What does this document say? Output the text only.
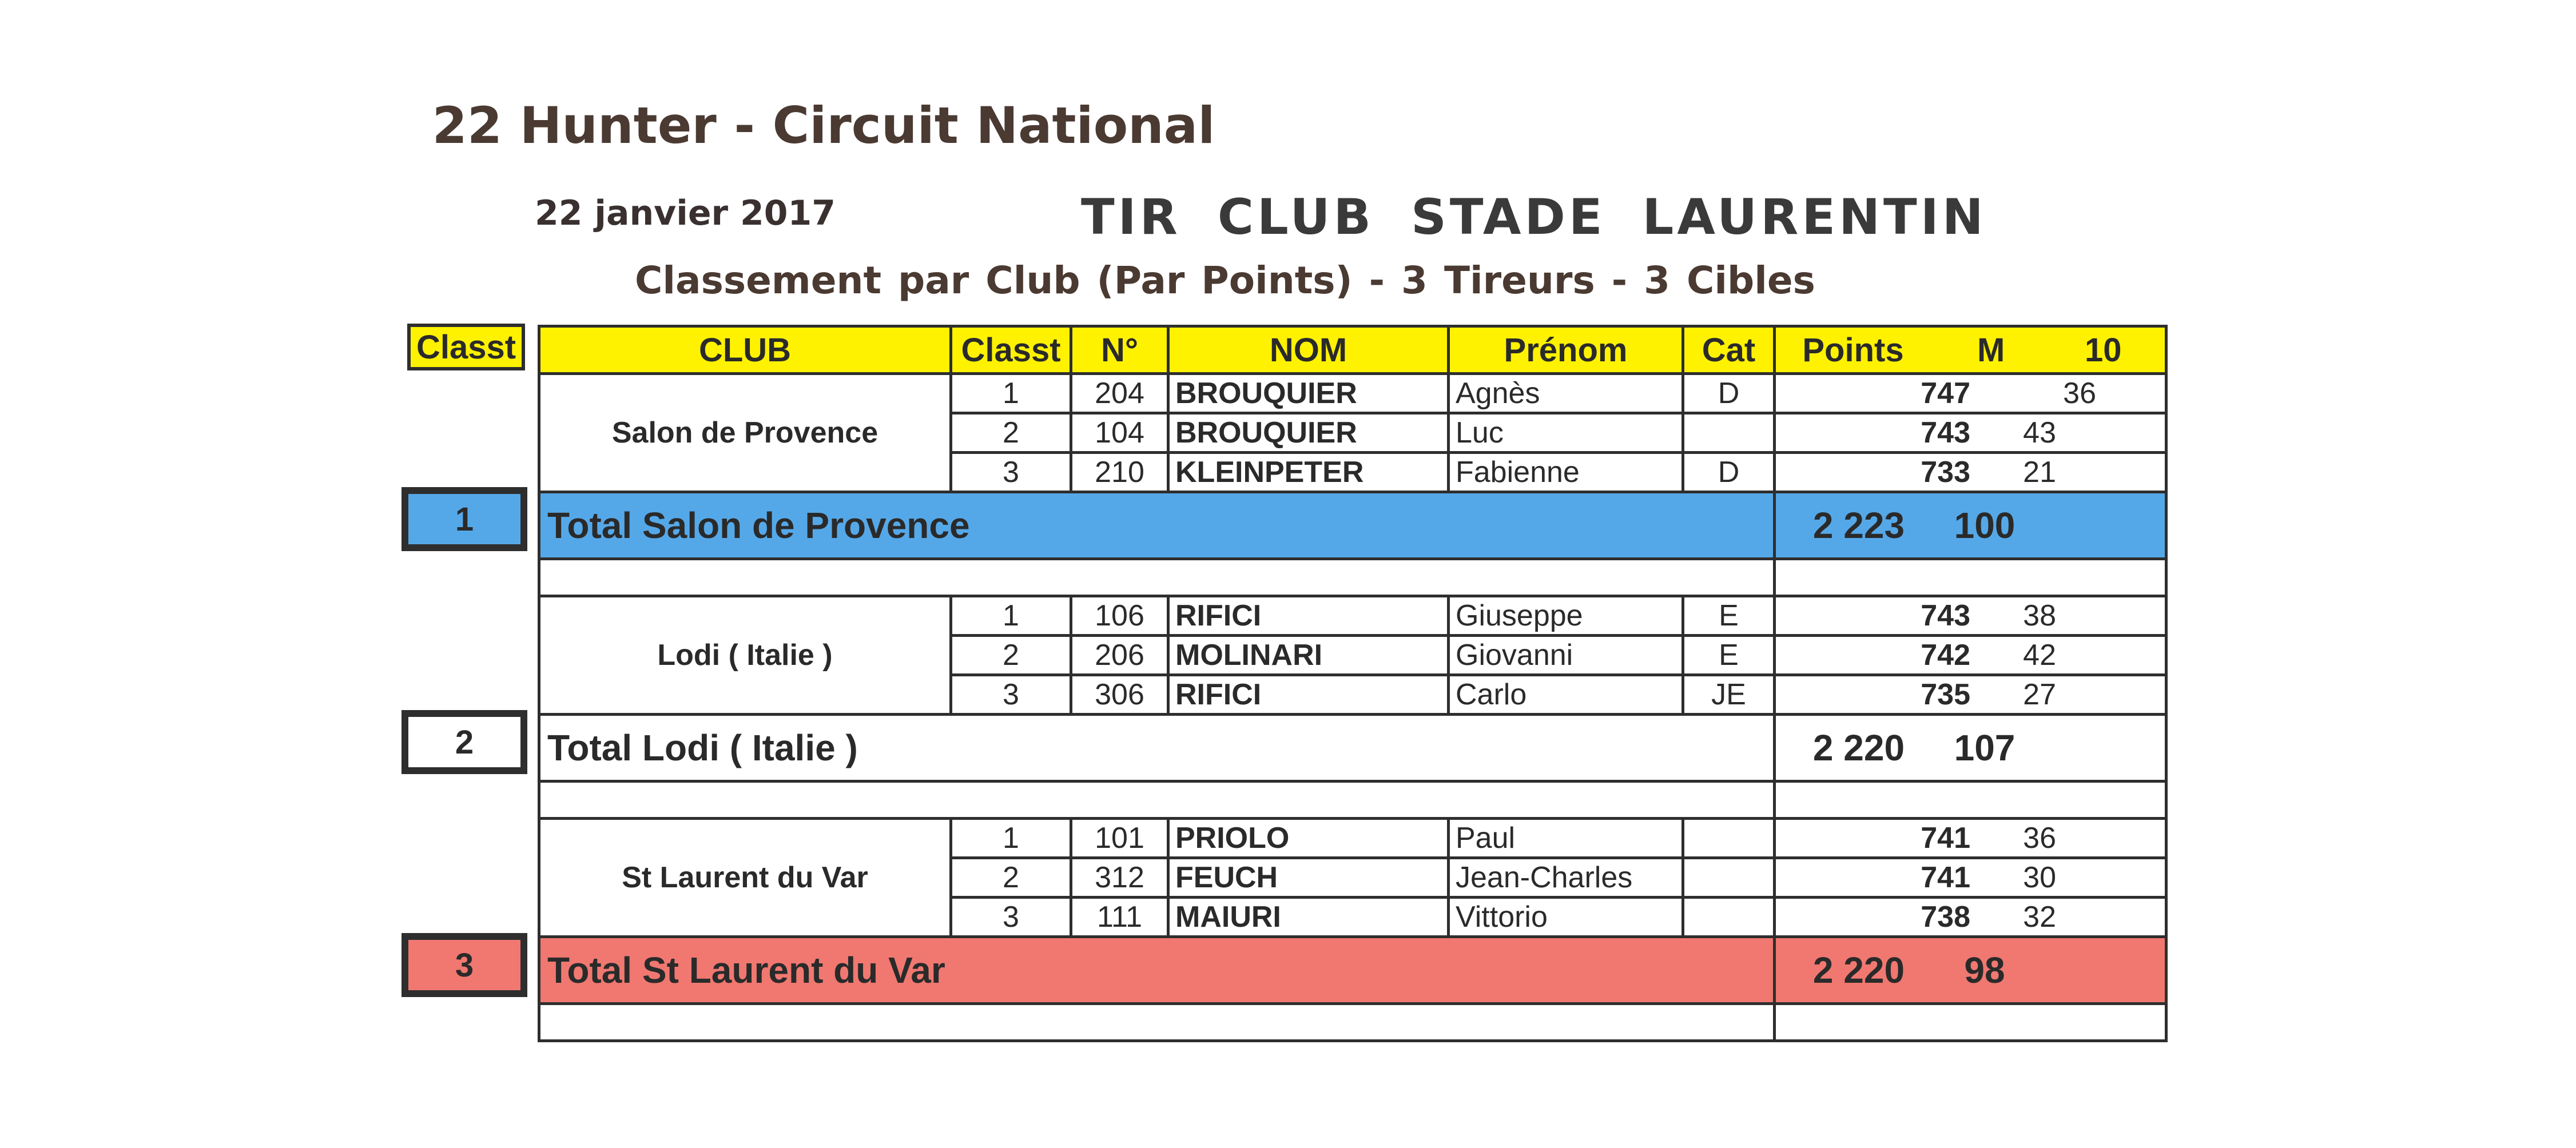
22 Hunter - Circuit National
22 janvier 2017	TIR CLUB STADE LAURENTIN
Classement par Club (Par Points) - 3 Tireurs - 3 Cibles
Classt
1
2
3
CLUB	Classt	N°	NOM	Prénom	Cat	Points M 10
Salon de Provence	1	204	BROUQUIER	Agnès	D	747 36
	2	104	BROUQUIER	Luc		743 43
	3	210	KLEINPETER	Fabienne	D	733 21
Total Salon de Provence						2 223 100

Lodi ( Italie )	1	106	RIFICI	Giuseppe	E	743 38
	2	206	MOLINARI	Giovanni	E	742 42
	3	306	RIFICI	Carlo	JE	735 27
Total Lodi ( Italie )						2 220 107

St Laurent du Var	1	101	PRIOLO	Paul		741 36
	2	312	FEUCH	Jean-Charles		741 30
	3	111	MAIURI	Vittorio		738 32
Total St Laurent du Var						2 220 98
